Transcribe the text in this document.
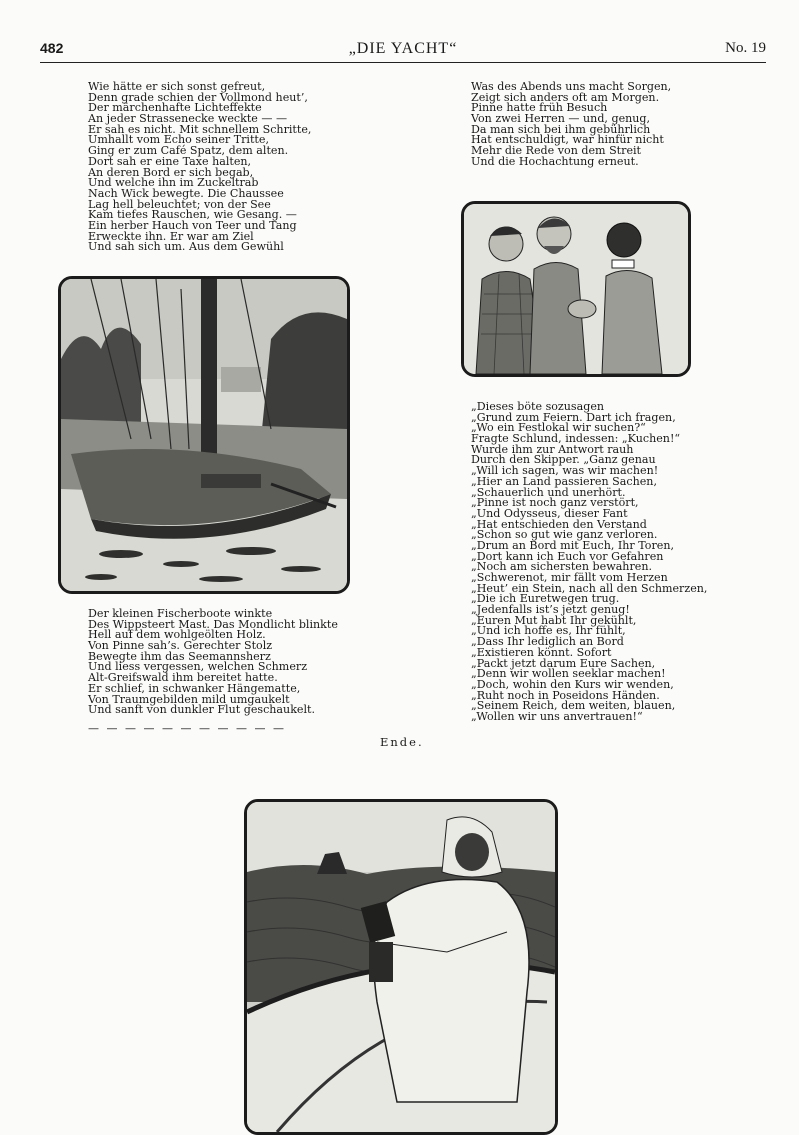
482	„DIE YACHT“	No. 19
Wie hätte er sich sonst gefreut,
Denn grade schien der Vollmond heut’,
Der märchenhafte Lichteffekte
An jeder Strassenecke weckte — —
Er sah es nicht. Mit schnellem Schritte,
Umhallt vom Echo seiner Tritte,
Ging er zum Café Spatz, dem alten.
Dort sah er eine Taxe halten,
An deren Bord er sich begab,
Und welche ihn im Zuckeltrab
Nach Wick bewegte. Die Chaussee
Lag hell beleuchtet; von der See
Kam tiefes Rauschen, wie Gesang. —
Ein herber Hauch von Teer und Tang
Erweckte ihn. Er war am Ziel
Und sah sich um. Aus dem Gewühl
Der kleinen Fischerboote winkte
Des Wippsteert Mast. Das Mondlicht blinkte
Hell auf dem wohlgeölten Holz.
Von Pinne sah’s. Gerechter Stolz
Bewegte ihm das Seemannsherz
Und liess vergessen, welchen Schmerz
Alt-Greifswald ihm bereitet hatte.
Er schlief, in schwanker Hängematte,
Von Traumgebilden mild umgaukelt
Und sanft von dunkler Flut geschaukelt.
— — — — — — — — — — —
Was des Abends uns macht Sorgen,
Zeigt sich anders oft am Morgen.
Pinne hatte früh Besuch
Von zwei Herren — und, genug,
Da man sich bei ihm gebührlich
Hat entschuldigt, war hinfür nicht
Mehr die Rede von dem Streit
Und die Hochachtung erneut.
„Dieses böte sozusagen
„Grund zum Feiern. Dart ich fragen,
„Wo ein Festlokal wir suchen?“
Fragte Schlund, indessen: „Kuchen!“
Wurde ihm zur Antwort rauh
Durch den Skipper. „Ganz genau
„Will ich sagen, was wir machen!
„Hier an Land passieren Sachen,
„Schauerlich und unerhört.
„Pinne ist noch ganz verstört,
„Und Odysseus, dieser Fant
„Hat entschieden den Verstand
„Schon so gut wie ganz verloren.
„Drum an Bord mit Euch, Ihr Toren,
„Dort kann ich Euch vor Gefahren
„Noch am sichersten bewahren.
„Schwerenot, mir fällt vom Herzen
„Heut’ ein Stein, nach all den Schmerzen,
„Die ich Euretwegen trug.
„Jedenfalls ist’s jetzt genug!
„Euren Mut habt Ihr gekühlt,
„Und ich hoffe es, Ihr fühlt,
„Dass Ihr lediglich an Bord
„Existieren könnt. Sofort
„Packt jetzt darum Eure Sachen,
„Denn wir wollen seeklar machen!
„Doch, wohin den Kurs wir wenden,
„Ruht noch in Poseidons Händen.
„Seinem Reich, dem weiten, blauen,
„Wollen wir uns anvertrauen!“
Ende.
